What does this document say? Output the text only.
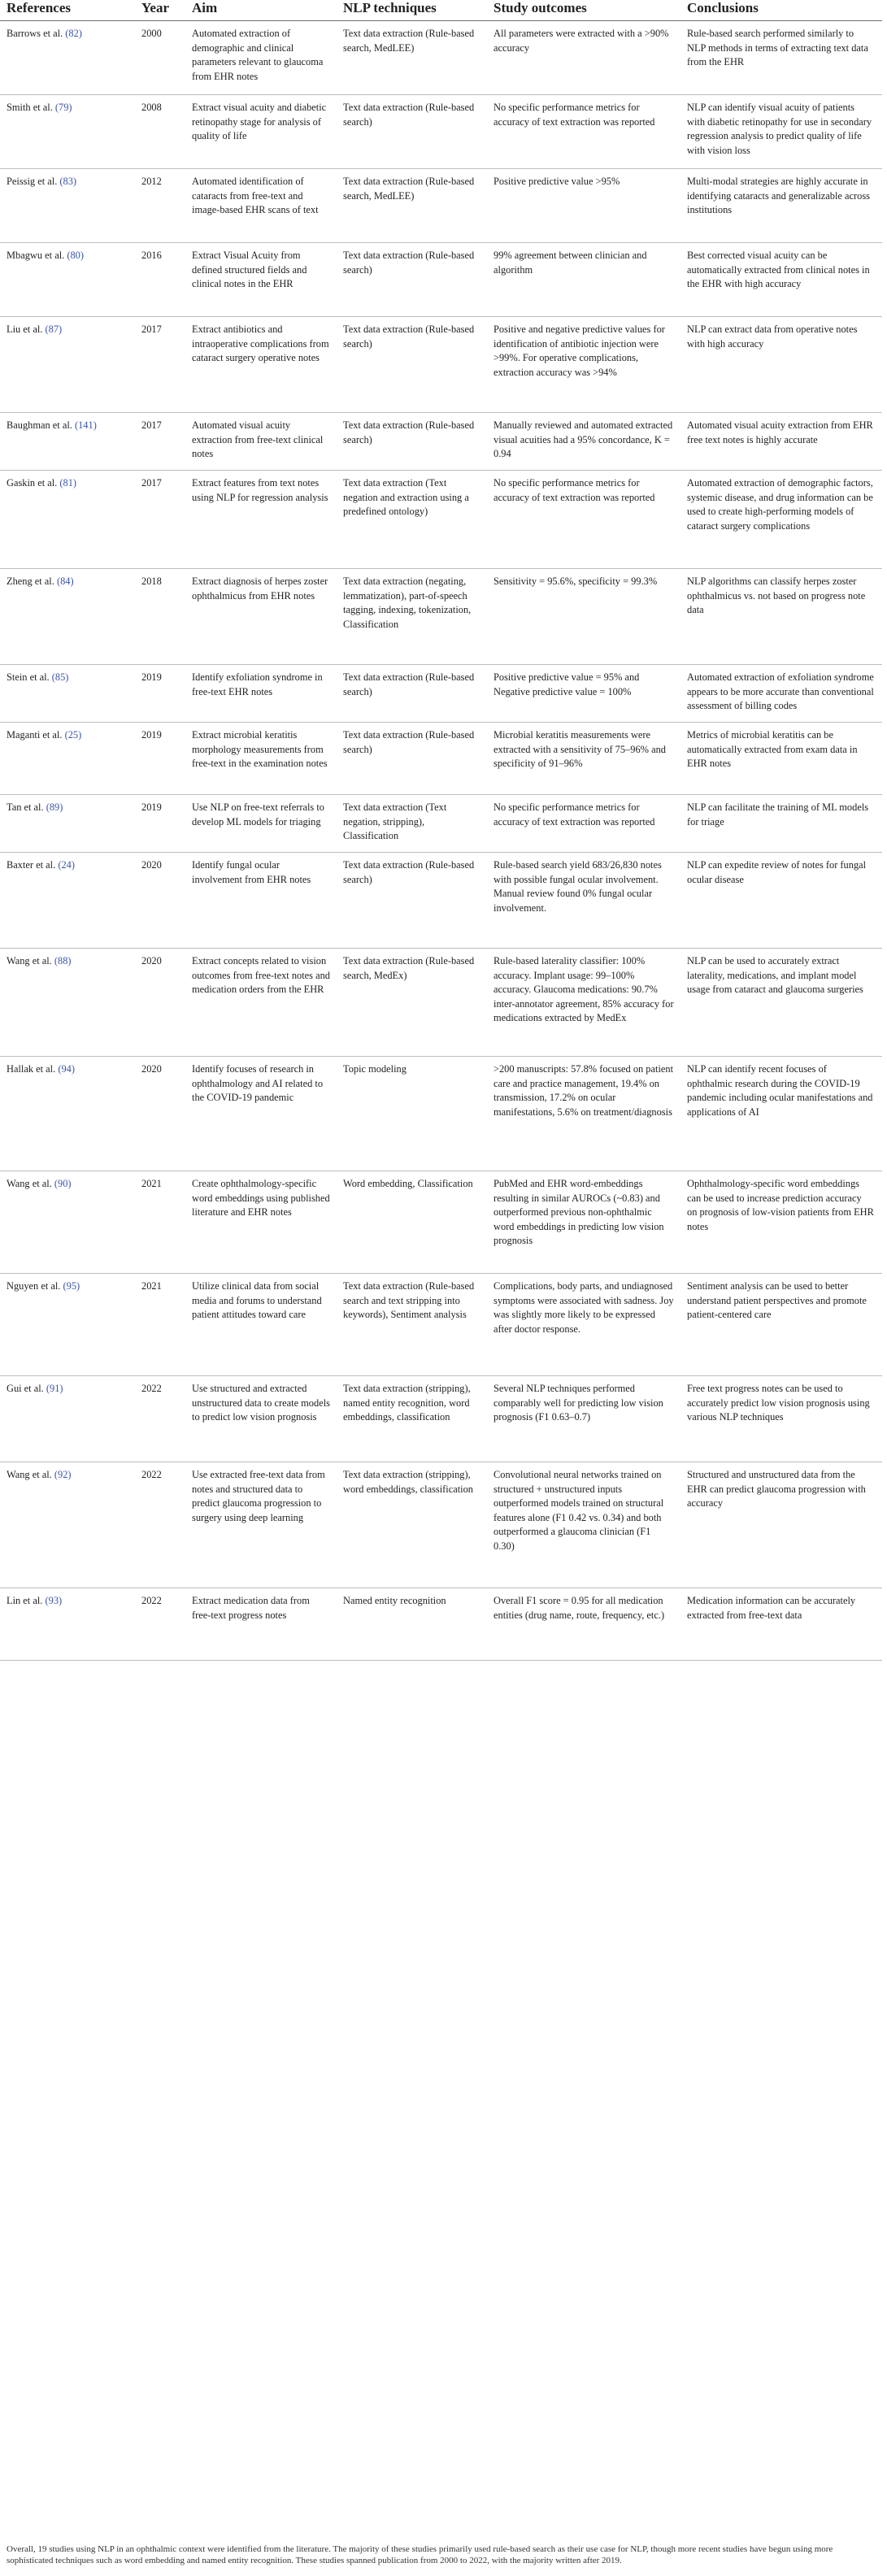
References	Year	Aim	NLP techniques	Study outcomes	Conclusions
Barrows et al. (82)	2000	Automated extraction of demographic and clinical parameters relevant to glaucoma from EHR notes	Text data extraction (Rule-based search, MedLEE)	All parameters were extracted with a >90% accuracy	Rule-based search performed similarly to NLP methods in terms of extracting text data from the EHR
Smith et al. (79)	2008	Extract visual acuity and diabetic retinopathy stage for analysis of quality of life	Text data extraction (Rule-based search)	No specific performance metrics for accuracy of text extraction was reported	NLP can identify visual acuity of patients with diabetic retinopathy for use in secondary regression analysis to predict quality of life with vision loss
Peissig et al. (83)	2012	Automated identification of cataracts from free-text and image-based EHR scans of text	Text data extraction (Rule-based search, MedLEE)	Positive predictive value >95%	Multi-modal strategies are highly accurate in identifying cataracts and generalizable across institutions
Mbagwu et al. (80)	2016	Extract Visual Acuity from defined structured fields and clinical notes in the EHR	Text data extraction (Rule-based search)	99% agreement between clinician and algorithm	Best corrected visual acuity can be automatically extracted from clinical notes in the EHR with high accuracy
Liu et al. (87)	2017	Extract antibiotics and intraoperative complications from cataract surgery operative notes	Text data extraction (Rule-based search)	Positive and negative predictive values for identification of antibiotic injection were >99%. For operative complications, extraction accuracy was >94%	NLP can extract data from operative notes with high accuracy
Baughman et al. (141)	2017	Automated visual acuity extraction from free-text clinical notes	Text data extraction (Rule-based search)	Manually reviewed and automated extracted visual acuities had a 95% concordance, K = 0.94	Automated visual acuity extraction from EHR free text notes is highly accurate
Gaskin et al. (81)	2017	Extract features from text notes using NLP for regression analysis	Text data extraction (Text negation and extraction using a predefined ontology)	No specific performance metrics for accuracy of text extraction was reported	Automated extraction of demographic factors, systemic disease, and drug information can be used to create high-performing models of cataract surgery complications
Zheng et al. (84)	2018	Extract diagnosis of herpes zoster ophthalmicus from EHR notes	Text data extraction (negating, lemmatization), part-of-speech tagging, indexing, tokenization, Classification	Sensitivity = 95.6%, specificity = 99.3%	NLP algorithms can classify herpes zoster ophthalmicus vs. not based on progress note data
Stein et al. (85)	2019	Identify exfoliation syndrome in free-text EHR notes	Text data extraction (Rule-based search)	Positive predictive value = 95% and Negative predictive value = 100%	Automated extraction of exfoliation syndrome appears to be more accurate than conventional assessment of billing codes
Maganti et al. (25)	2019	Extract microbial keratitis morphology measurements from free-text in the examination notes	Text data extraction (Rule-based search)	Microbial keratitis measurements were extracted with a sensitivity of 75–96% and specificity of 91–96%	Metrics of microbial keratitis can be automatically extracted from exam data in EHR notes
Tan et al. (89)	2019	Use NLP on free-text referrals to develop ML models for triaging	Text data extraction (Text negation, stripping), Classification	No specific performance metrics for accuracy of text extraction was reported	NLP can facilitate the training of ML models for triage
Baxter et al. (24)	2020	Identify fungal ocular involvement from EHR notes	Text data extraction (Rule-based search)	Rule-based search yield 683/26,830 notes with possible fungal ocular involvement. Manual review found 0% fungal ocular involvement.	NLP can expedite review of notes for fungal ocular disease
Wang et al. (88)	2020	Extract concepts related to vision outcomes from free-text notes and medication orders from the EHR	Text data extraction (Rule-based search, MedEx)	Rule-based laterality classifier: 100% accuracy. Implant usage: 99–100% accuracy. Glaucoma medications: 90.7% inter-annotator agreement, 85% accuracy for medications extracted by MedEx	NLP can be used to accurately extract laterality, medications, and implant model usage from cataract and glaucoma surgeries
Hallak et al. (94)	2020	Identify focuses of research in ophthalmology and AI related to the COVID-19 pandemic	Topic modeling	>200 manuscripts: 57.8% focused on patient care and practice management, 19.4% on transmission, 17.2% on ocular manifestations, 5.6% on treatment/diagnosis	NLP can identify recent focuses of ophthalmic research during the COVID-19 pandemic including ocular manifestations and applications of AI
Wang et al. (90)	2021	Create ophthalmology-specific word embeddings using published literature and EHR notes	Word embedding, Classification	PubMed and EHR word-embeddings resulting in similar AUROCs (~0.83) and outperformed previous non-ophthalmic word embeddings in predicting low vision prognosis	Ophthalmology-specific word embeddings can be used to increase prediction accuracy on prognosis of low-vision patients from EHR notes
Nguyen et al. (95)	2021	Utilize clinical data from social media and forums to understand patient attitudes toward care	Text data extraction (Rule-based search and text stripping into keywords), Sentiment analysis	Complications, body parts, and undiagnosed symptoms were associated with sadness. Joy was slightly more likely to be expressed after doctor response.	Sentiment analysis can be used to better understand patient perspectives and promote patient-centered care
Gui et al. (91)	2022	Use structured and extracted unstructured data to create models to predict low vision prognosis	Text data extraction (stripping), named entity recognition, word embeddings, classification	Several NLP techniques performed comparably well for predicting low vision prognosis (F1 0.63–0.7)	Free text progress notes can be used to accurately predict low vision prognosis using various NLP techniques
Wang et al. (92)	2022	Use extracted free-text data from notes and structured data to predict glaucoma progression to surgery using deep learning	Text data extraction (stripping), word embeddings, classification	Convolutional neural networks trained on structured + unstructured inputs outperformed models trained on structural features alone (F1 0.42 vs. 0.34) and both outperformed a glaucoma clinician (F1 0.30)	Structured and unstructured data from the EHR can predict glaucoma progression with accuracy
Lin et al. (93)	2022	Extract medication data from free-text progress notes	Named entity recognition	Overall F1 score = 0.95 for all medication entities (drug name, route, frequency, etc.)	Medication information can be accurately extracted from free-text data
Overall, 19 studies using NLP in an ophthalmic context were identified from the literature. The majority of these studies primarily used rule-based search as their use case for NLP, though more recent studies have begun using more sophisticated techniques such as word embedding and named entity recognition. These studies spanned publication from 2000 to 2022, with the majority written after 2019.
